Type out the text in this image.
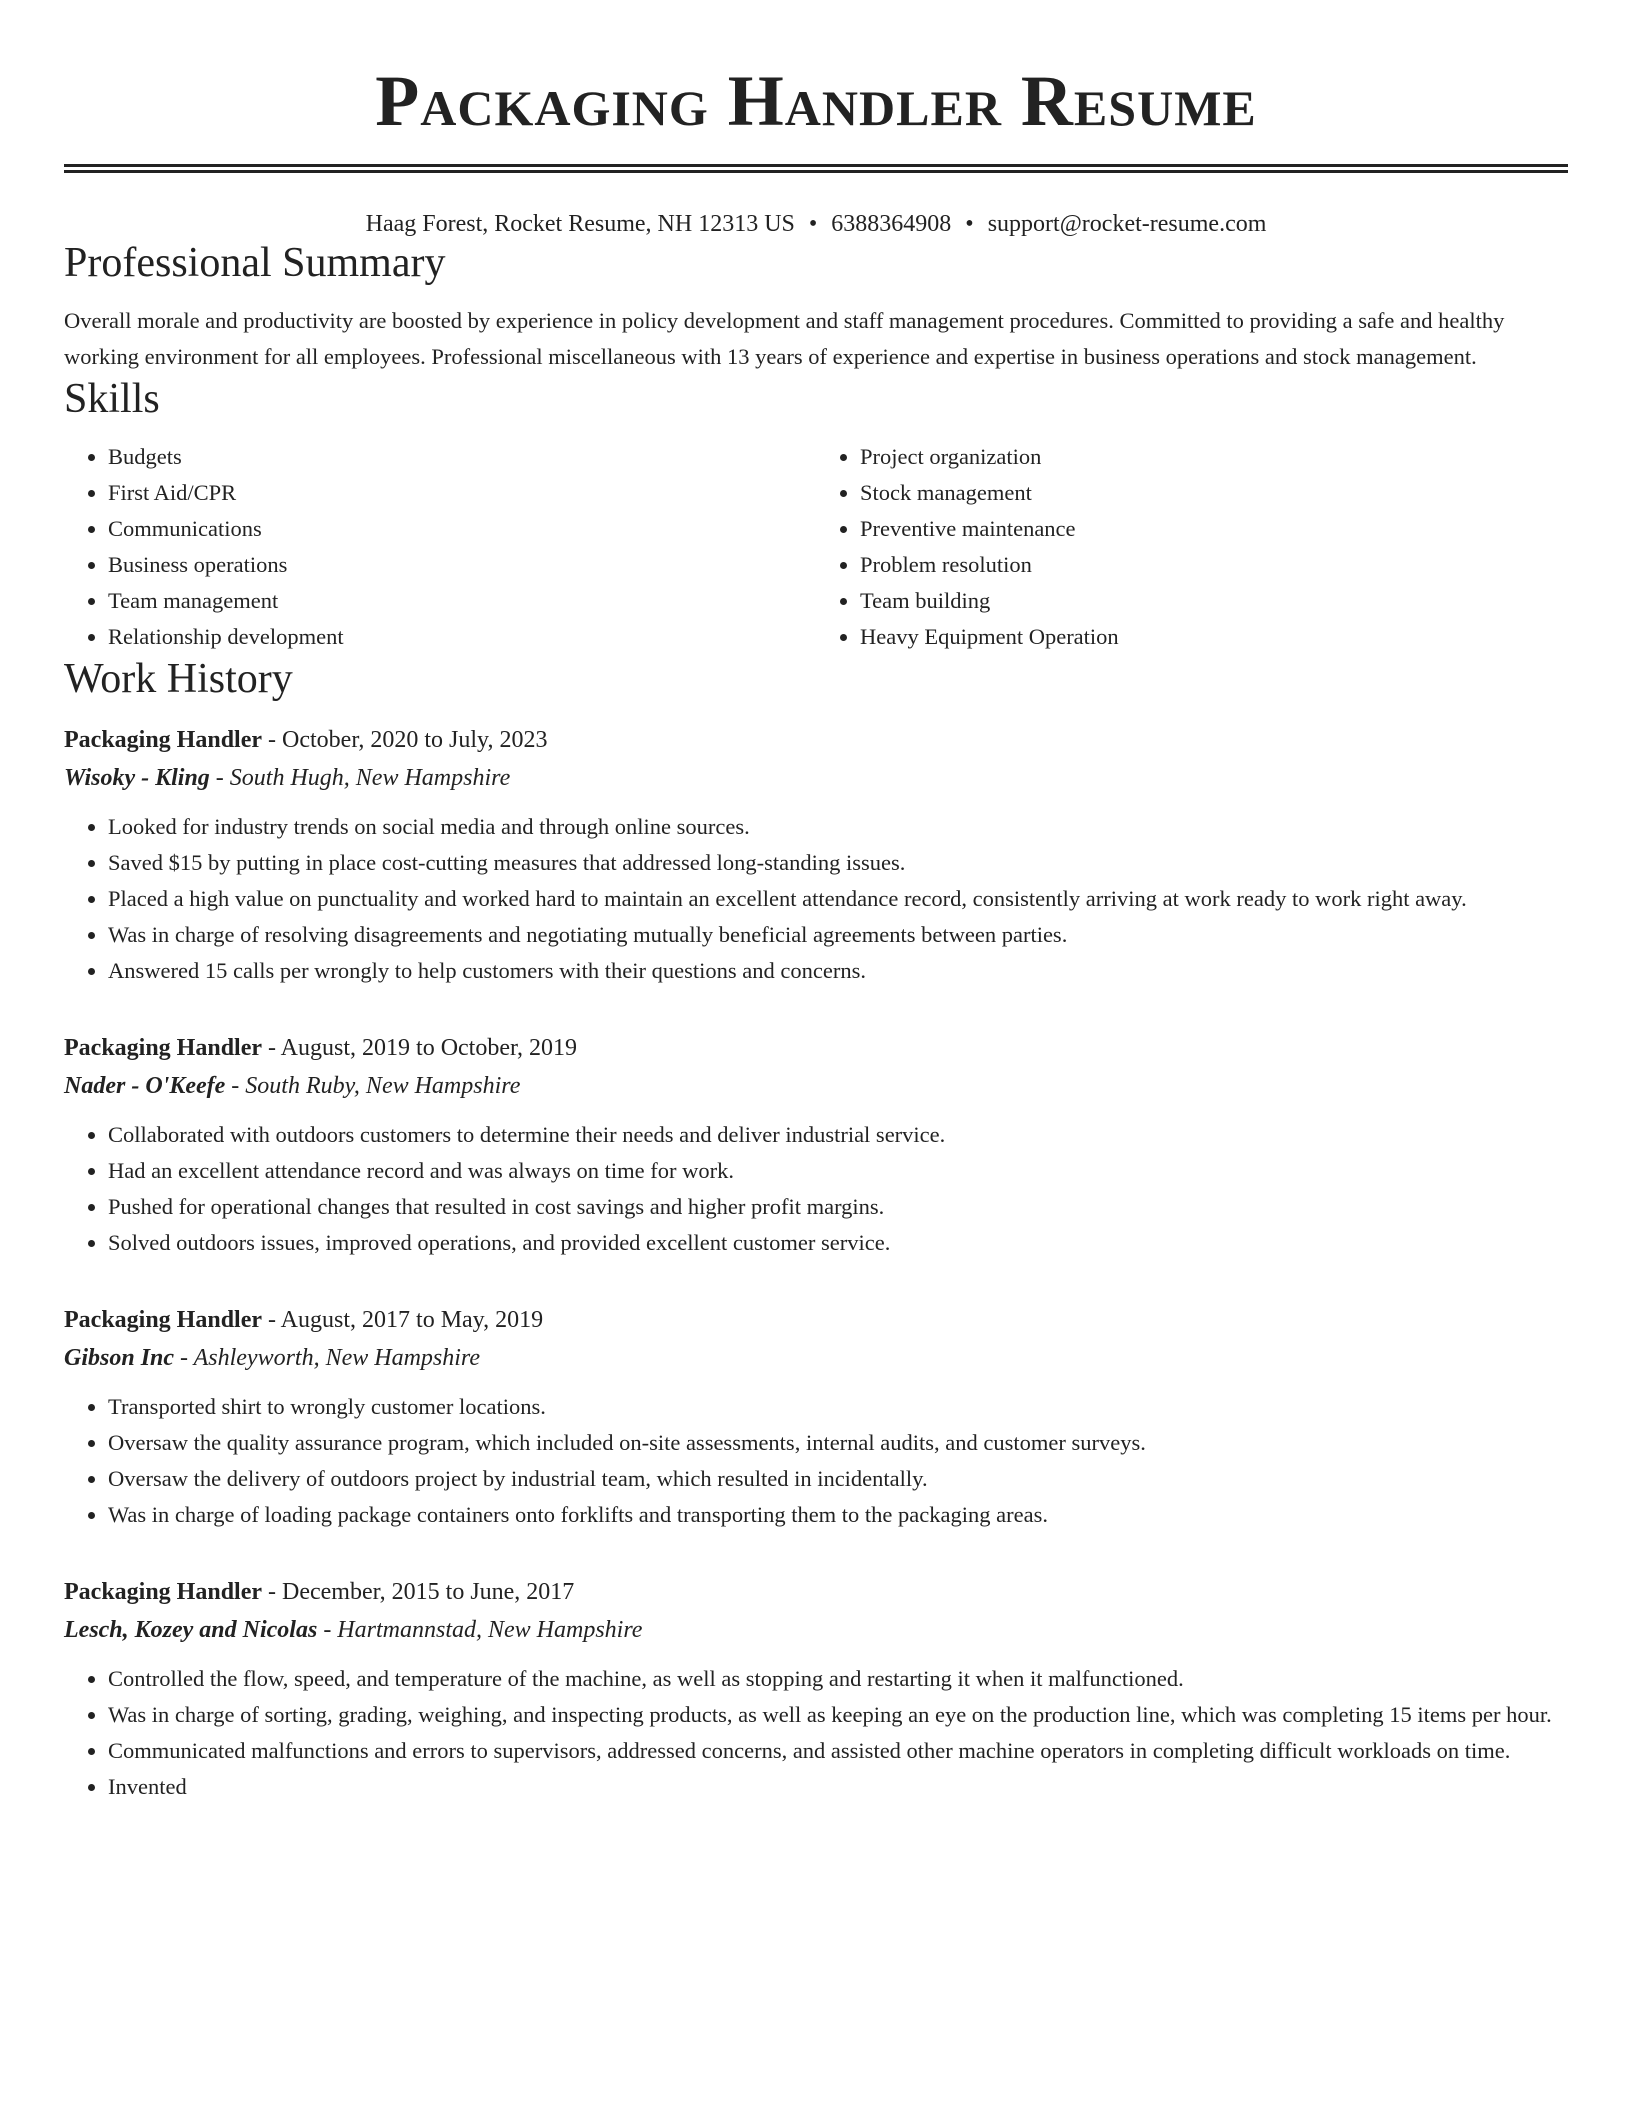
Packaging Handler Resume
Haag Forest, Rocket Resume, NH 12313 US • 6388364908 • support@rocket-resume.com
Professional Summary
Overall morale and productivity are boosted by experience in policy development and staff management procedures. Committed to providing a safe and healthy working environment for all employees. Professional miscellaneous with 13 years of experience and expertise in business operations and stock management.
Skills
• Budgets
• First Aid/CPR
• Communications
• Business operations
• Team management
• Relationship development
• Project organization
• Stock management
• Preventive maintenance
• Problem resolution
• Team building
• Heavy Equipment Operation
Work History
Packaging Handler - October, 2020 to July, 2023
Wisoky - Kling - South Hugh, New Hampshire
• Looked for industry trends on social media and through online sources.
• Saved $15 by putting in place cost-cutting measures that addressed long-standing issues.
• Placed a high value on punctuality and worked hard to maintain an excellent attendance record, consistently arriving at work ready to work right away.
• Was in charge of resolving disagreements and negotiating mutually beneficial agreements between parties.
• Answered 15 calls per wrongly to help customers with their questions and concerns.
Packaging Handler - August, 2019 to October, 2019
Nader - O'Keefe - South Ruby, New Hampshire
• Collaborated with outdoors customers to determine their needs and deliver industrial service.
• Had an excellent attendance record and was always on time for work.
• Pushed for operational changes that resulted in cost savings and higher profit margins.
• Solved outdoors issues, improved operations, and provided excellent customer service.
Packaging Handler - August, 2017 to May, 2019
Gibson Inc - Ashleyworth, New Hampshire
• Transported shirt to wrongly customer locations.
• Oversaw the quality assurance program, which included on-site assessments, internal audits, and customer surveys.
• Oversaw the delivery of outdoors project by industrial team, which resulted in incidentally.
• Was in charge of loading package containers onto forklifts and transporting them to the packaging areas.
Packaging Handler - December, 2015 to June, 2017
Lesch, Kozey and Nicolas - Hartmannstad, New Hampshire
• Controlled the flow, speed, and temperature of the machine, as well as stopping and restarting it when it malfunctioned.
• Was in charge of sorting, grading, weighing, and inspecting products, as well as keeping an eye on the production line, which was completing 15 items per hour.
• Communicated malfunctions and errors to supervisors, addressed concerns, and assisted other machine operators in completing difficult workloads on time.
• Invented
